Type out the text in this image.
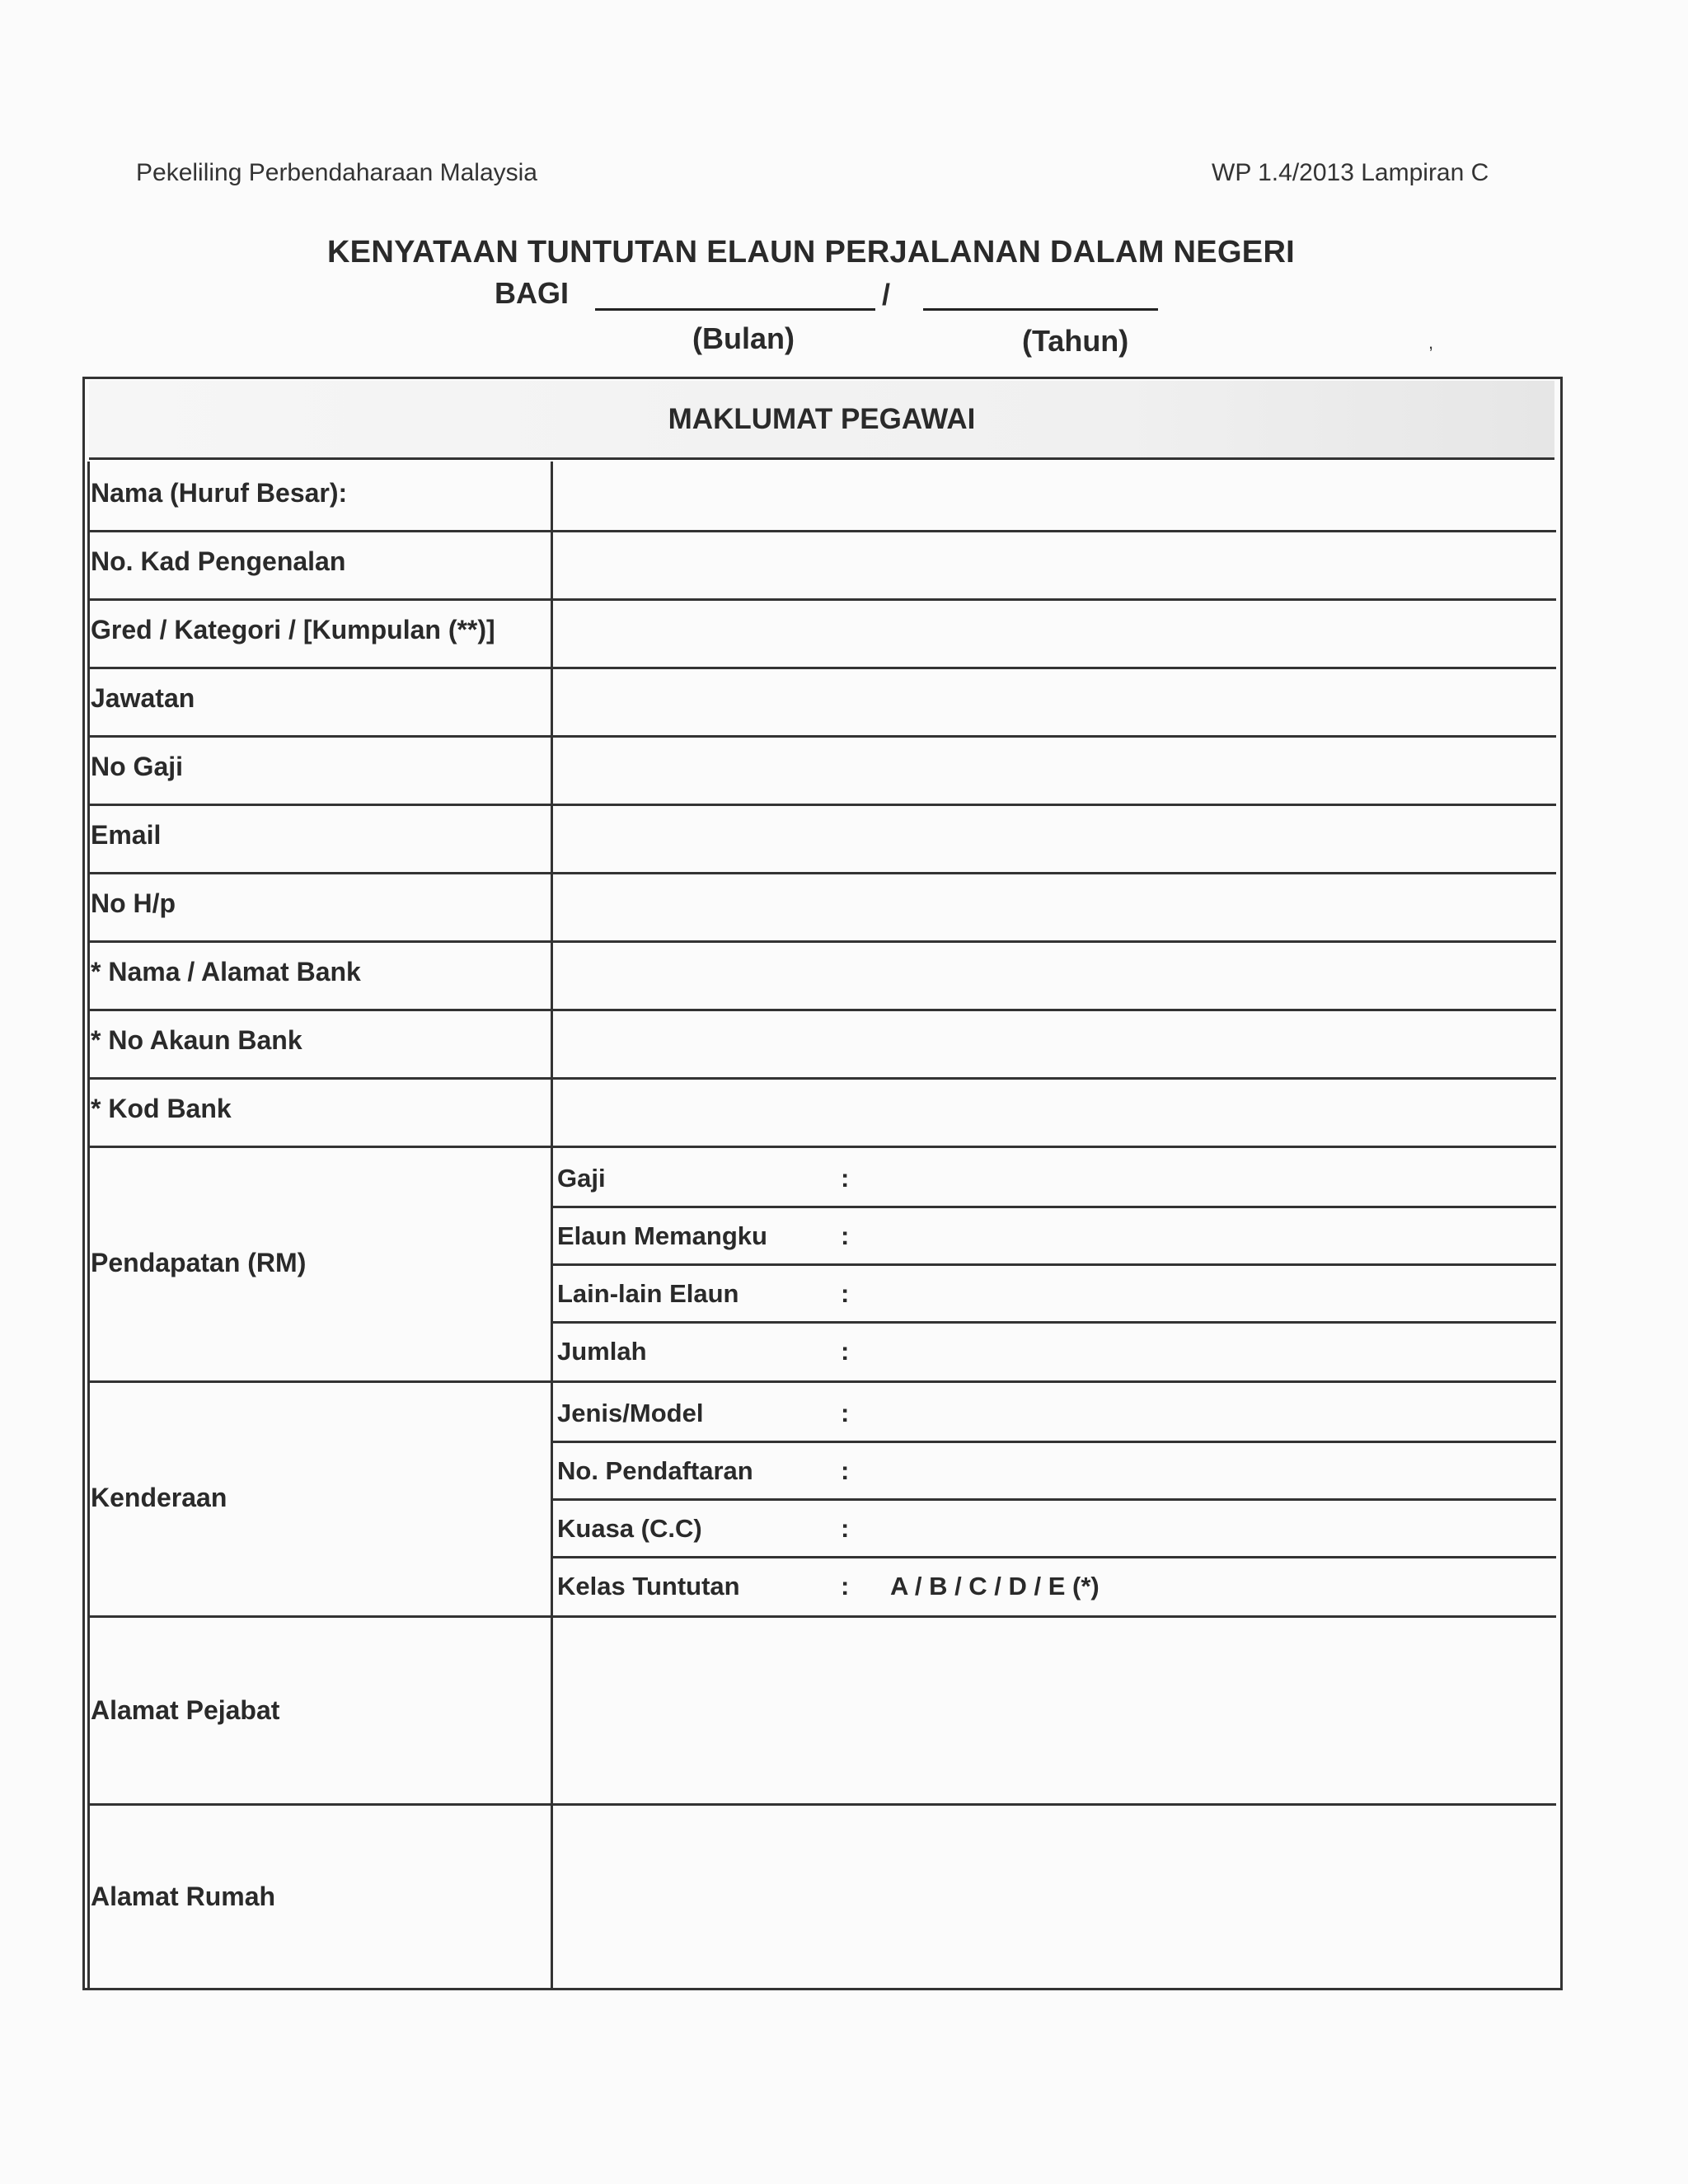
Pekeliling Perbendaharaan Malaysia	WP 1.4/2013 Lampiran C
KENYATAAN TUNTUTAN ELAUN PERJALANAN DALAM NEGERI
BAGI	/
(Bulan)	(Tahun)	,
MAKLUMAT PEGAWAI
Nama (Huruf Besar):
No. Kad Pengenalan
Gred / Kategori / [Kumpulan (**)]
Jawatan
No Gaji
Email
No H/p
* Nama / Alamat Bank
* No Akaun Bank
* Kod Bank
Pendapatan (RM)
Gaji	:
Elaun Memangku	:
Lain-lain Elaun	:
Jumlah	:
Kenderaan
Jenis/Model	:
No. Pendaftaran	:
Kuasa (C.C)	:
Kelas Tuntutan	: A / B / C / D / E (*)
Alamat Pejabat
Alamat Rumah
